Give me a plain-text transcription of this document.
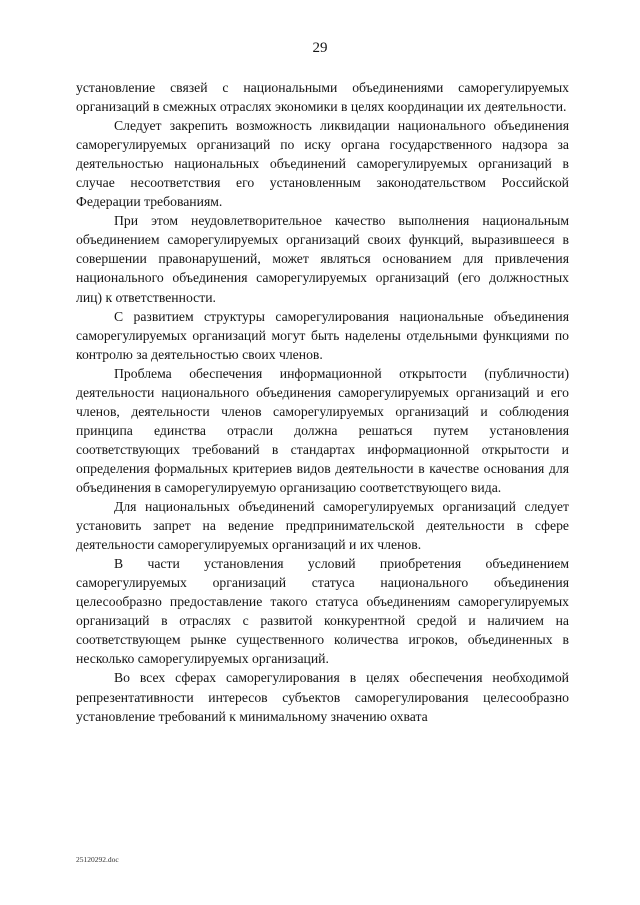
29

установление связей с национальными объединениями саморегулируемых организаций в смежных отраслях экономики в целях координации их деятельности.

Следует закрепить возможность ликвидации национального объединения саморегулируемых организаций по иску органа государственного надзора за деятельностью национальных объединений саморегулируемых организаций в случае несоответствия его установленным законодательством Российской Федерации требованиям.

При этом неудовлетворительное качество выполнения национальным объединением саморегулируемых организаций своих функций, выразившееся в совершении правонарушений, может являться основанием для привлечения национального объединения саморегулируемых организаций (его должностных лиц) к ответственности.

С развитием структуры саморегулирования национальные объединения саморегулируемых организаций могут быть наделены отдельными функциями по контролю за деятельностью своих членов.

Проблема обеспечения информационной открытости (публичности) деятельности национального объединения саморегулируемых организаций и его членов, деятельности членов саморегулируемых организаций и соблюдения принципа единства отрасли должна решаться путем установления соответствующих требований в стандартах информационной открытости и определения формальных критериев видов деятельности в качестве основания для объединения в саморегулируемую организацию соответствующего вида.

Для национальных объединений саморегулируемых организаций следует установить запрет на ведение предпринимательской деятельности в сфере деятельности саморегулируемых организаций и их членов.

В части установления условий приобретения объединением саморегулируемых организаций статуса национального объединения целесообразно предоставление такого статуса объединениям саморегулируемых организаций в отраслях с развитой конкурентной средой и наличием на соответствующем рынке существенного количества игроков, объединенных в несколько саморегулируемых организаций.

Во всех сферах саморегулирования в целях обеспечения необходимой репрезентативности интересов субъектов саморегулирования целесообразно установление требований к минимальному значению охвата

25120292.doc
